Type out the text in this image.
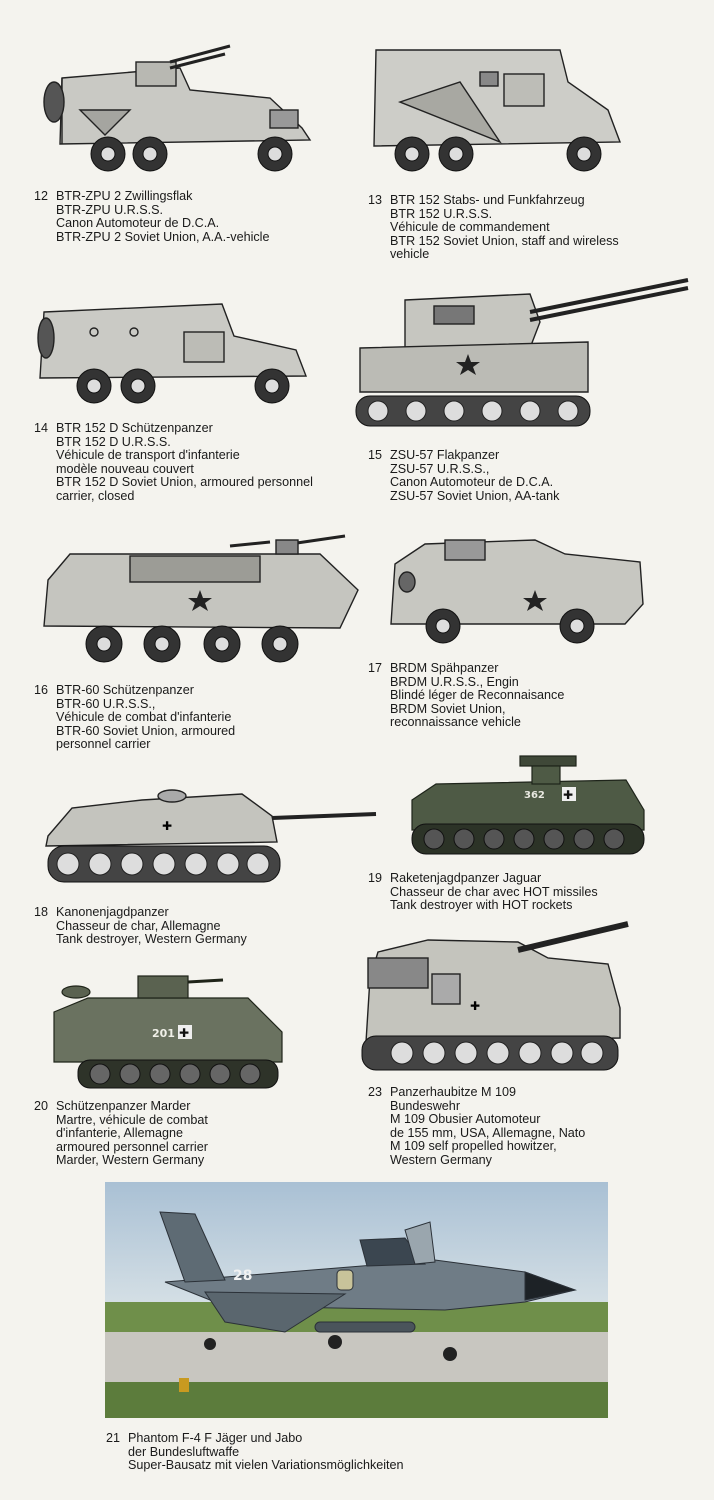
12 BTR-ZPU 2 Zwillingsflak
BTR-ZPU U.R.S.S.
Canon Automoteur de D.C.A.
BTR-ZPU 2 Soviet Union, A.A.-vehicle
13 BTR 152 Stabs- und Funkfahrzeug
BTR 152 U.R.S.S.
Véhicule de commandement
BTR 152 Soviet Union, staff and wireless
vehicle
14 BTR 152 D Schützenpanzer
BTR 152 D U.R.S.S.
Véhicule de transport d'infanterie
modèle nouveau couvert
BTR 152 D Soviet Union, armoured personnel
carrier, closed
15 ZSU-57 Flakpanzer
ZSU-57 U.R.S.S.,
Canon Automoteur de D.C.A.
ZSU-57 Soviet Union, AA-tank
16 BTR-60 Schützenpanzer
BTR-60 U.R.S.S.,
Véhicule de combat d'infanterie
BTR-60 Soviet Union, armoured
personnel carrier
17 BRDM Spähpanzer
BRDM U.R.S.S., Engin
Blindé léger de Reconnaisance
BRDM Soviet Union,
reconnaissance vehicle
✚
18 Kanonenjagdpanzer
Chasseur de char, Allemagne
Tank destroyer, Western Germany
362 ✚
19 Raketenjagdpanzer Jaguar
Chasseur de char avec HOT missiles
Tank destroyer with HOT rockets
201 ✚
20 Schützenpanzer Marder
Martre, véhicule de combat
d'infanterie, Allemagne
armoured personnel carrier
Marder, Western Germany
✚
23 Panzerhaubitze M 109
Bundeswehr
M 109 Obusier Automoteur
de 155 mm, USA, Allemagne, Nato
M 109 self propelled howitzer,
Western Germany
28
21 Phantom F-4 F Jäger und Jabo
der Bundesluftwaffe
Super-Bausatz mit vielen Variationsmöglichkeiten
